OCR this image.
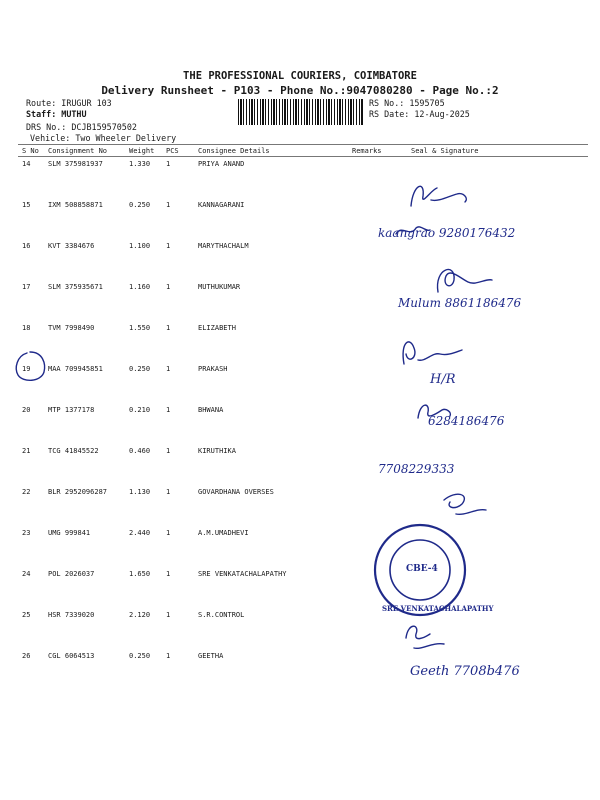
THE PROFESSIONAL COURIERS, COIMBATORE
Delivery Runsheet - P103 - Phone No.:9047080280 - Page No.:2
Route: IRUGUR 103
Staff: MUTHU
DRS No.: DCJB159570502
Vehicle: Two Wheeler Delivery
RS No.: 1595705
RS Date: 12-Aug-2025
S No Consignment No	Weight PCS	Consignee Details	Remarks	Seal & Signature
14	SLM 375981937	1.330 1	PRIYA ANAND
15	IXM 508858871	0.250 1	KANNAGARANI
16	KVT 3384676	1.100 1	MARYTHACHALM
17	SLM 375935671	1.160 1	MUTHUKUMAR
18	TVM 7998490	1.550 1	ELIZABETH
19	MAA 709945851	0.250 1	PRAKASH
20	MTP 1377178	0.210 1	BHWANA
21	TCG 41845522	0.460 1	KIRUTHIKA
22	BLR 2952096287	1.130 1	GOVARDHANA OVERSES
23	UMG 999841	2.440 1	A.M.UMADHEVI
24	POL 2026037	1.650 1	SRE VENKATACHALAPATHY
25	HSR 7339020	2.120 1	S.R.CONTROL
26	CGL 6064513	0.250 1	GEETHA
kaangrao 9280176432
Mulum 8861186476
H/R
6284186476
7708229333
SRE VENKATACHALAPATHY
CBE-4
Geeth 7708b476
